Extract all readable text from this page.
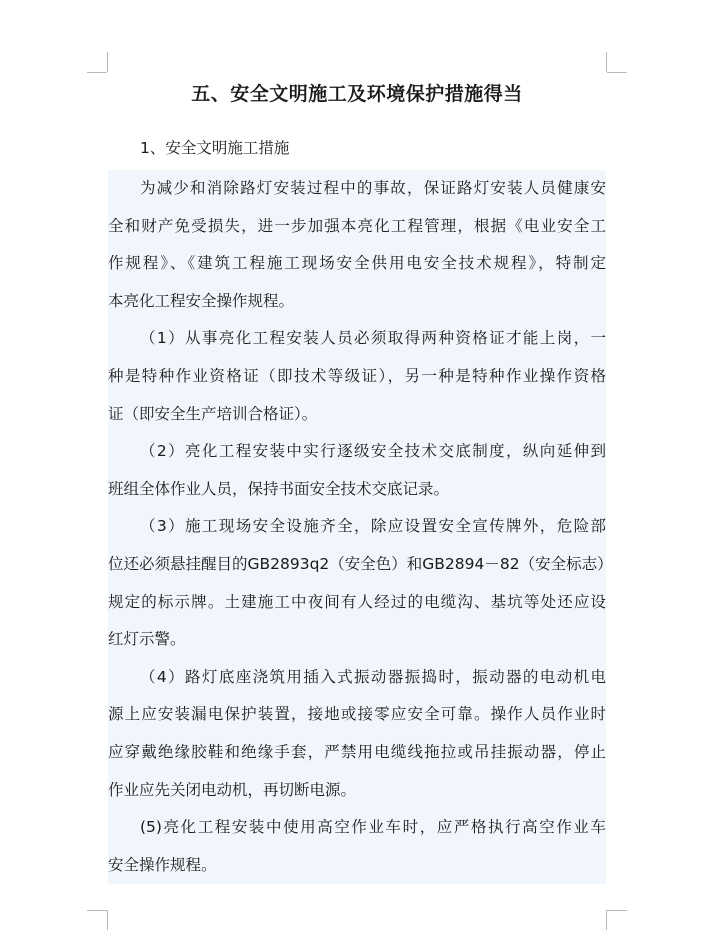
五、安全文明施工及环境保护措施得当
1、安全文明施工措施
为减少和消除路灯安装过程中的事故，保证路灯安装人员健康安
全和财产免受损失，进一步加强本亮化工程管理，根据《电业安全工
作规程》、《建筑工程施工现场安全供用电安全技术规程》，特制定
本亮化工程安全操作规程。
（1）从事亮化工程安装人员必须取得两种资格证才能上岗，一
种是特种作业资格证（即技术等级证），另一种是特种作业操作资格
证（即安全生产培训合格证）。
（2）亮化工程安装中实行逐级安全技术交底制度，纵向延伸到
班组全体作业人员，保持书面安全技术交底记录。
（3）施工现场安全设施齐全，除应设置安全宣传牌外，危险部
位还必须悬挂醒目的GB2893q2（安全色）和GB2894－82（安全标志）
规定的标示牌。土建施工中夜间有人经过的电缆沟、基坑等处还应设
红灯示警。
（4）路灯底座浇筑用插入式振动器振捣时，振动器的电动机电
源上应安装漏电保护装置，接地或接零应安全可靠。操作人员作业时
应穿戴绝缘胶鞋和绝缘手套，严禁用电缆线拖拉或吊挂振动器，停止
作业应先关闭电动机，再切断电源。
(5)亮化工程安装中使用高空作业车时，应严格执行高空作业车
安全操作规程。
